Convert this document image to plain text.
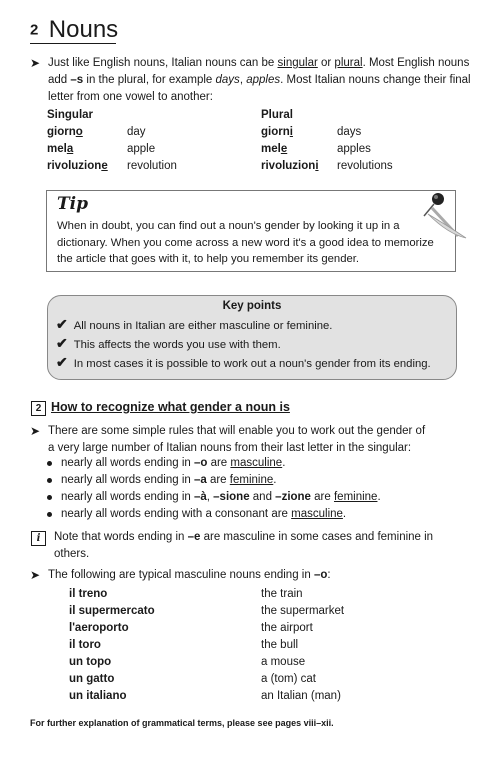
2 Nouns
➤ Just like English nouns, Italian nouns can be singular or plural. Most English nouns
add –s in the plural, for example days, apples. Most Italian nouns change their final
letter from one vowel to another:
Singular	Plural
giorno	day	giorni	days
mela	apple	mele	apples
rivoluzione revolution	rivoluzioni revolutions
Tip
When in doubt, you can find out a noun's gender by looking it up in a
dictionary. When you come across a new word it's a good idea to memorize
the article that goes with it, to help you remember its gender.
Key points
✔ All nouns in Italian are either masculine or feminine.
✔ This affects the words you use with them.
✔ In most cases it is possible to work out a noun's gender from its ending.
2 How to recognize what gender a noun is
➤ There are some simple rules that will enable you to work out the gender of
a very large number of Italian nouns from their last letter in the singular:
nearly all words ending in –o are masculine.
nearly all words ending in –a are feminine.
nearly all words ending in –à, –sione and –zione are feminine.
nearly all words ending with a consonant are masculine.
i	Note that words ending in –e are masculine in some cases and feminine in
others.
➤ The following are typical masculine nouns ending in –o:
il treno	the train
il supermercato	the supermarket
l'aeroporto	the airport
il toro	the bull
un topo	a mouse
un gatto	a (tom) cat
un italiano	an Italian (man)
For further explanation of grammatical terms, please see pages viii–xii.
